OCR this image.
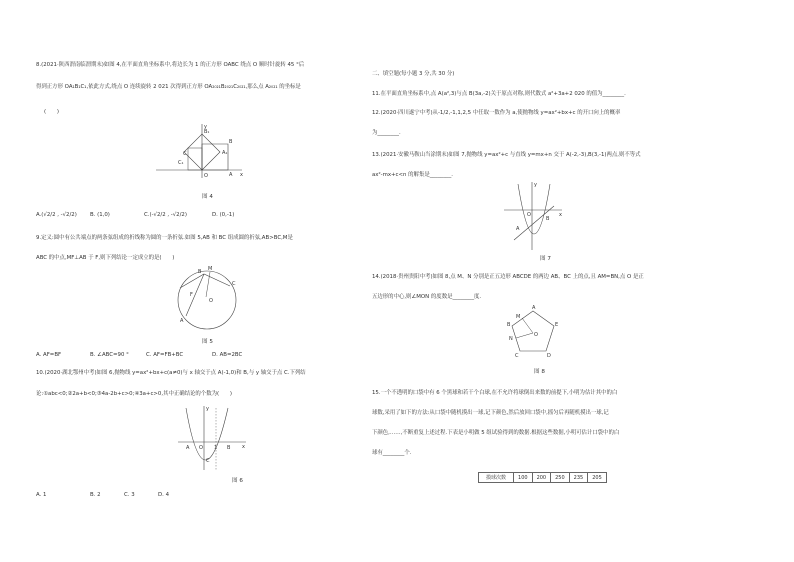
8.(2021·陕西渭南临渭期末)如图 4,在平面直角坐标系中,将边长为 1 的正方形 OABC 绕点 O 顺时针旋转 45 °后
得到正方形 OA₁B₁C₁,依此方式,绕点 O 连续旋转 2 021 次得到正方形 OA₂₀₂₁B₂₀₂₁C₂₀₂₁,那么点 A₂₀₂₁ 的坐标是
(　　)
y
x
O	A
B
C	A₁
B₁
C₁
图 4
A.(√2/2 , -√2/2) B. (1,0)	C.(-√2/2 , -√2/2)	D. (0,-1)
9.定义:圆中有公共端点的两条弦组成的折线称为圆的一条折弦.如图 5,AB 和 BC 组成圆的折弦,AB>BC,M是
ABC 的中点,MF⊥AB 于 F,则下列结论一定成立的是(　　)
M
B
C
A
F
O
图 5
A. AF=BF	B. ∠ABC=90 °	C. AF=FB+BC	D. AB=2BC
10.(2020·湖北鄂州中考)如图 6,抛物线 y=ax²+bx+c(a≠0)与 x 轴交于点 A(-1,0)和 B,与 y 轴交于点 C.下列结
论:①abc<0;②2a+b<0;③4a-2b+c>0;④3a+c>0,其中正确结论的个数为(　　)
y
x
A O 1 B
C
图 6
A. 1	B. 2	C. 3	D. 4
二、填空题(每小题 3 分,共 30 分)
11.在平面直角坐标系中,点 A(a²,3)与点 B(3a,-2)关于原点对称,则代数式 a²+3a+2 020 的值为________.
12.(2020·四川遂宁中考)从-1/2,-1,1,2,5 中任取一数作为 a,使抛物线 y=ax²+bx+c 的开口向上的概率
为________.
13.(2021·安徽马鞍山当涂期末)如图 7,抛物线 y=ax²+c 与直线 y=mx+n 交于 A(-2,-3),B(3,-1)两点,则不等式
ax²-mx+c<n 的解集是________.
y
x
O
A
B
图 7
14.(2018·贵州贵阳中考)如图 8,点 M、N 分别是正五边形 ABCDE 的两边 AB、BC 上的点,且 AM=BN,点 O 是正
五边形的中心,则∠MON 的度数是________度.
A
E
M
B
N
O
C	D
图 8
15.一个不透明的口袋中有 6 个黑球和若干个白球,在不允许将球倒出来数的前提下,小明为估计其中的白
球数,采用了如下的方法:从口袋中随机摸出一球,记下颜色,然后放回口袋中,摇匀后再随机摸出一球,记
下颜色,……,不断重复上述过程.下表是小明做 5 组试验得到的数据.根据这些数据,小明可估计口袋中的白
球有________个.
摸球次数	100	200	250	235	205
